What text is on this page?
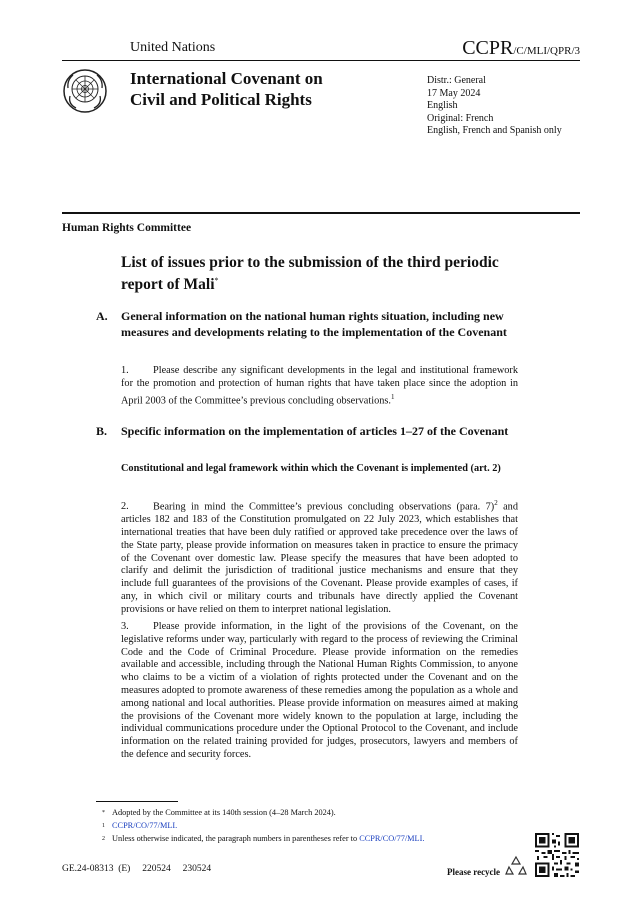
United Nations	CCPR/C/MLI/QPR/3
International Covenant on
Civil and Political Rights
Distr.: General
17 May 2024
English
Original: French
English, French and Spanish only
Human Rights Committee
List of issues prior to the submission of the third periodic report of Mali*
A. General information on the national human rights situation, including new measures and developments relating to the implementation of the Covenant
1. Please describe any significant developments in the legal and institutional framework for the promotion and protection of human rights that have taken place since the adoption in April 2003 of the Committee’s previous concluding observations.$^1$
B. Specific information on the implementation of articles 1–27 of the Covenant
Constitutional and legal framework within which the Covenant is implemented (art. 2)
2. Bearing in mind the Committee’s previous concluding observations (para. 7)$^2$ and articles 182 and 183 of the Constitution promulgated on 22 July 2023, which establishes that international treaties that have been duly ratified or approved take precedence over the laws of the State party, please provide information on measures taken in practice to ensure the primacy of the Covenant over domestic law. Please specify the measures that have been adopted to clarify and delimit the jurisdiction of traditional justice mechanisms and ensure that they include full guarantees of the provisions of the Covenant. Please provide examples of cases, if any, in which civil or military courts and tribunals have directly applied the Covenant provisions or have relied on them to interpret national legislation.
3. Please provide information, in the light of the provisions of the Covenant, on the legislative reforms under way, particularly with regard to the process of reviewing the Criminal Code and the Code of Criminal Procedure. Please provide information on the remedies available and accessible, including through the National Human Rights Commission, to anyone who claims to be a victim of a violation of rights protected under the Covenant and on the measures adopted to promote awareness of these remedies among the population as a whole and among national and local authorities. Please provide information on measures aimed at making the provisions of the Covenant more widely known to the population at large, including the individual communications procedure under the Optional Protocol to the Covenant, and include information on the related training provided for judges, prosecutors, lawyers and members of the defence and security forces.
* Adopted by the Committee at its 140th session (4–28 March 2024).
1 CCPR/CO/77/MLI.
2 Unless otherwise indicated, the paragraph numbers in parentheses refer to CCPR/CO/77/MLI.
GE.24-08313  (E)     220524     230524	Please recycle
